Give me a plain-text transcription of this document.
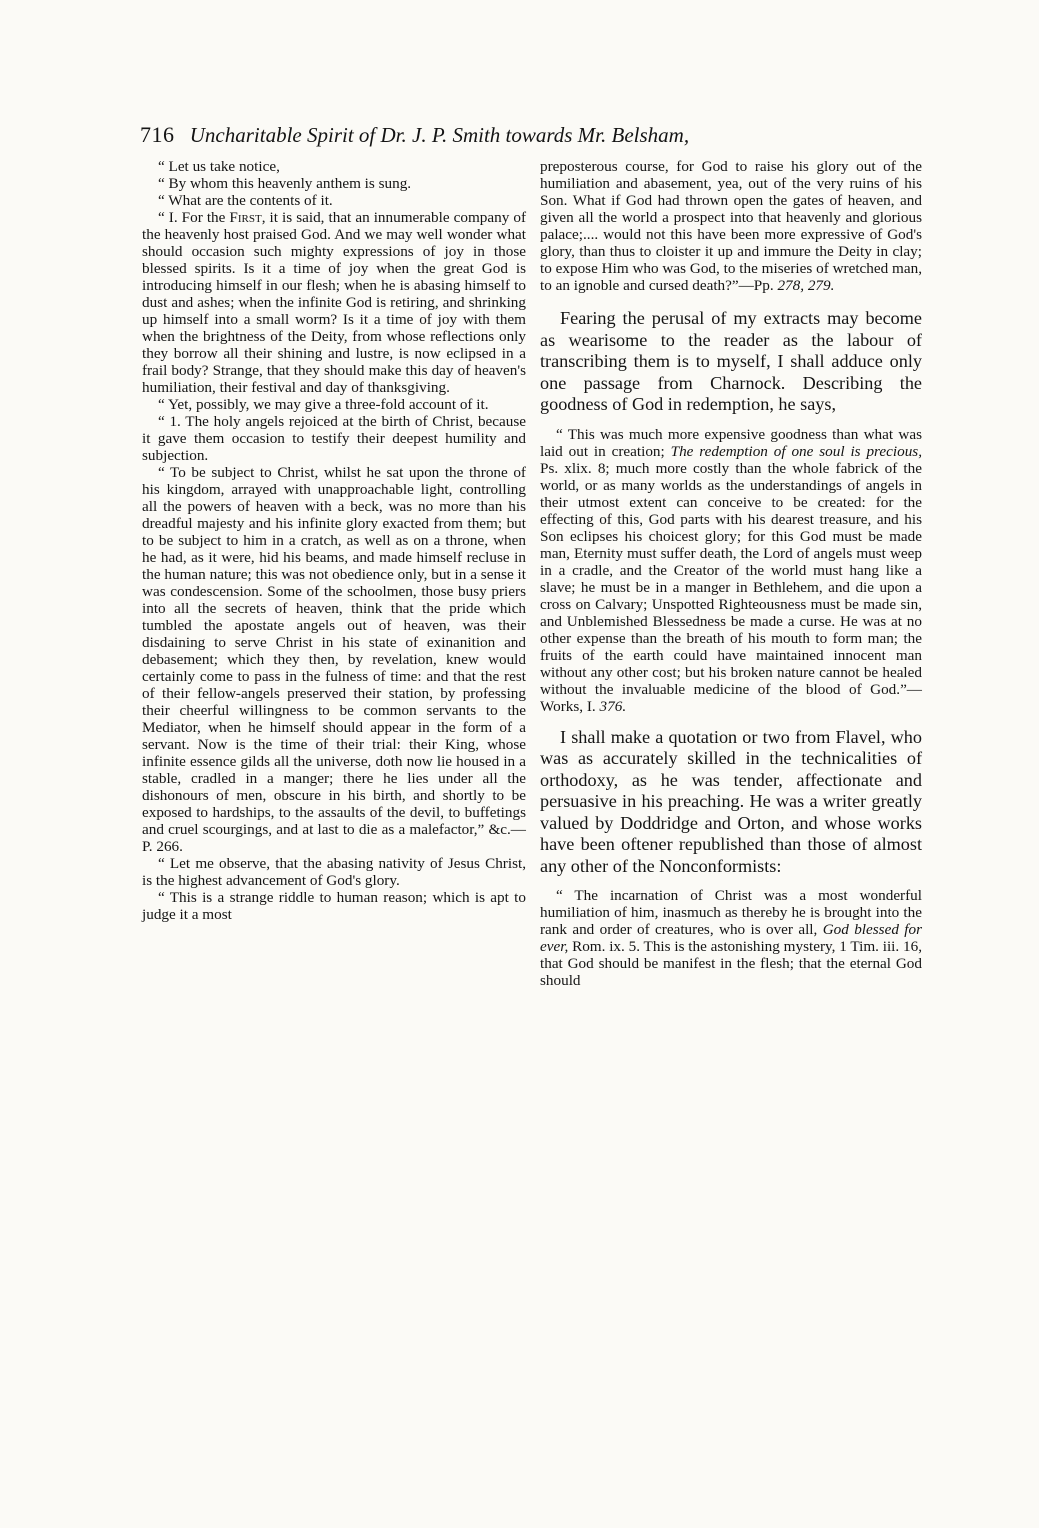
716 Uncharitable Spirit of Dr. J. P. Smith towards Mr. Belsham,

“ Let us take notice,

“ By whom this heavenly anthem is sung.

“ What are the contents of it.

“ I. For the First, it is said, that an innumerable company of the heavenly host praised God. And we may well wonder what should occasion such mighty expressions of joy in those blessed spirits. Is it a time of joy when the great God is introducing himself in our flesh; when he is abasing himself to dust and ashes; when the infinite God is retiring, and shrinking up himself into a small worm? Is it a time of joy with them when the brightness of the Deity, from whose reflections only they borrow all their shining and lustre, is now eclipsed in a frail body? Strange, that they should make this day of heaven's humiliation, their festival and day of thanksgiving.

“ Yet, possibly, we may give a three-fold account of it.

“ 1. The holy angels rejoiced at the birth of Christ, because it gave them occasion to testify their deepest humility and subjection.

“ To be subject to Christ, whilst he sat upon the throne of his kingdom, arrayed with unapproachable light, controlling all the powers of heaven with a beck, was no more than his dreadful majesty and his infinite glory exacted from them; but to be subject to him in a cratch, as well as on a throne, when he had, as it were, hid his beams, and made himself recluse in the human nature; this was not obedience only, but in a sense it was condescension. Some of the schoolmen, those busy priers into all the secrets of heaven, think that the pride which tumbled the apostate angels out of heaven, was their disdaining to serve Christ in his state of exinanition and debasement; which they then, by revelation, knew would certainly come to pass in the fulness of time: and that the rest of their fellow-angels preserved their station, by professing their cheerful willingness to be common servants to the Mediator, when he himself should appear in the form of a servant. Now is the time of their trial: their King, whose infinite essence gilds all the universe, doth now lie housed in a stable, cradled in a manger; there he lies under all the dishonours of men, obscure in his birth, and shortly to be exposed to hardships, to the assaults of the devil, to buffetings and cruel scourgings, and at last to die as a malefactor,” &c.—P. 266.

“ Let me observe, that the abasing nativity of Jesus Christ, is the highest advancement of God's glory.

“ This is a strange riddle to human reason; which is apt to judge it a most

preposterous course, for God to raise his glory out of the humiliation and abasement, yea, out of the very ruins of his Son. What if God had thrown open the gates of heaven, and given all the world a prospect into that heavenly and glorious palace;.... would not this have been more expressive of God's glory, than thus to cloister it up and immure the Deity in clay; to expose Him who was God, to the miseries of wretched man, to an ignoble and cursed death?”—Pp. 278, 279.

Fearing the perusal of my extracts may become as wearisome to the reader as the labour of transcribing them is to myself, I shall adduce only one passage from Charnock. Describing the goodness of God in redemption, he says,

“ This was much more expensive goodness than what was laid out in creation; The redemption of one soul is precious, Ps. xlix. 8; much more costly than the whole fabrick of the world, or as many worlds as the understandings of angels in their utmost extent can conceive to be created: for the effecting of this, God parts with his dearest treasure, and his Son eclipses his choicest glory; for this God must be made man, Eternity must suffer death, the Lord of angels must weep in a cradle, and the Creator of the world must hang like a slave; he must be in a manger in Bethlehem, and die upon a cross on Calvary; Unspotted Righteousness must be made sin, and Unblemished Blessedness be made a curse. He was at no other expense than the breath of his mouth to form man; the fruits of the earth could have maintained innocent man without any other cost; but his broken nature cannot be healed without the invaluable medicine of the blood of God.”—Works, I. 376.

I shall make a quotation or two from Flavel, who was as accurately skilled in the technicalities of orthodoxy, as he was tender, affectionate and persuasive in his preaching. He was a writer greatly valued by Doddridge and Orton, and whose works have been oftener republished than those of almost any other of the Nonconformists:

“ The incarnation of Christ was a most wonderful humiliation of him, inasmuch as thereby he is brought into the rank and order of creatures, who is over all, God blessed for ever, Rom. ix. 5. This is the astonishing mystery, 1 Tim. iii. 16, that God should be manifest in the flesh; that the eternal God should
